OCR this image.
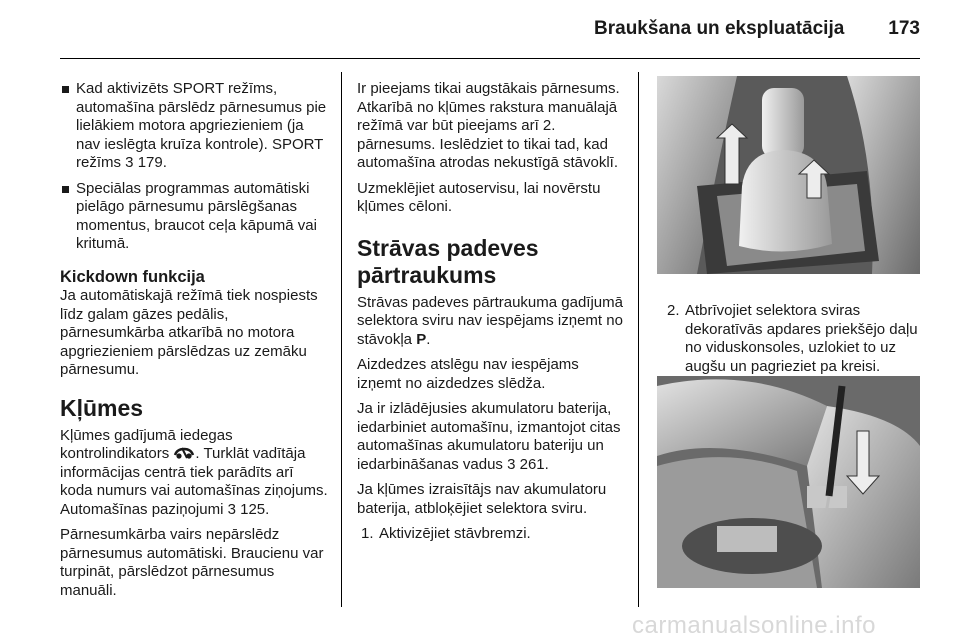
Braukšana un ekspluatācija 173
Kad aktivizēts SPORT režīms, automašīna pārslēdz pārnesumus pie lielākiem motora apgriezieniem (ja nav ieslēgta kruīza kontrole). SPORT režīms 3 179.
Speciālas programmas automātiski pielāgo pārnesumu pārslēgšanas momentus, braucot ceļa kāpumā vai kritumā.
Kickdown funkcija

Ja automātiskajā režīmā tiek nospiests līdz galam gāzes pedālis, pārnesumkārba atkarībā no motora apgriezieniem pārslēdzas uz zemāku pārnesumu.

Kļūmes

Kļūmes gadījumā iedegas kontrolindikators . Turklāt vadītāja informācijas centrā tiek parādīts arī koda numurs vai automašīnas ziņojums. Automašīnas paziņojumi 3 125.

Pārnesumkārba vairs nepārslēdz pārnesumus automātiski. Braucienu var turpināt, pārslēdzot pārnesumus manuāli.

Ir pieejams tikai augstākais pārnesums. Atkarībā no kļūmes rakstura manuālajā režīmā var būt pieejams arī 2. pārnesums. Ieslēdziet to tikai tad, kad automašīna atrodas nekustīgā stāvoklī.

Uzmeklējiet autoservisu, lai novērstu kļūmes cēloni.

Strāvas padeves pārtraukums

Strāvas padeves pārtraukuma gadījumā selektora sviru nav iespējams izņemt no stāvokļa P.

Aizdedzes atslēgu nav iespējams izņemt no aizdedzes slēdža.

Ja ir izlādējusies akumulatoru baterija, iedarbiniet automašīnu, izmantojot citas automašīnas akumulatoru bateriju un iedarbināšanas vadus 3 261.

Ja kļūmes izraisītājs nav akumulatoru baterija, atbloķējiet selektora sviru.

1. Aktivizējiet stāvbremzi.
2. Atbrīvojiet selektora sviras dekoratīvās apdares priekšējo daļu no viduskonsoles, uzlokiet to uz augšu un pagrieziet pa kreisi.
carmanualsonline.info
